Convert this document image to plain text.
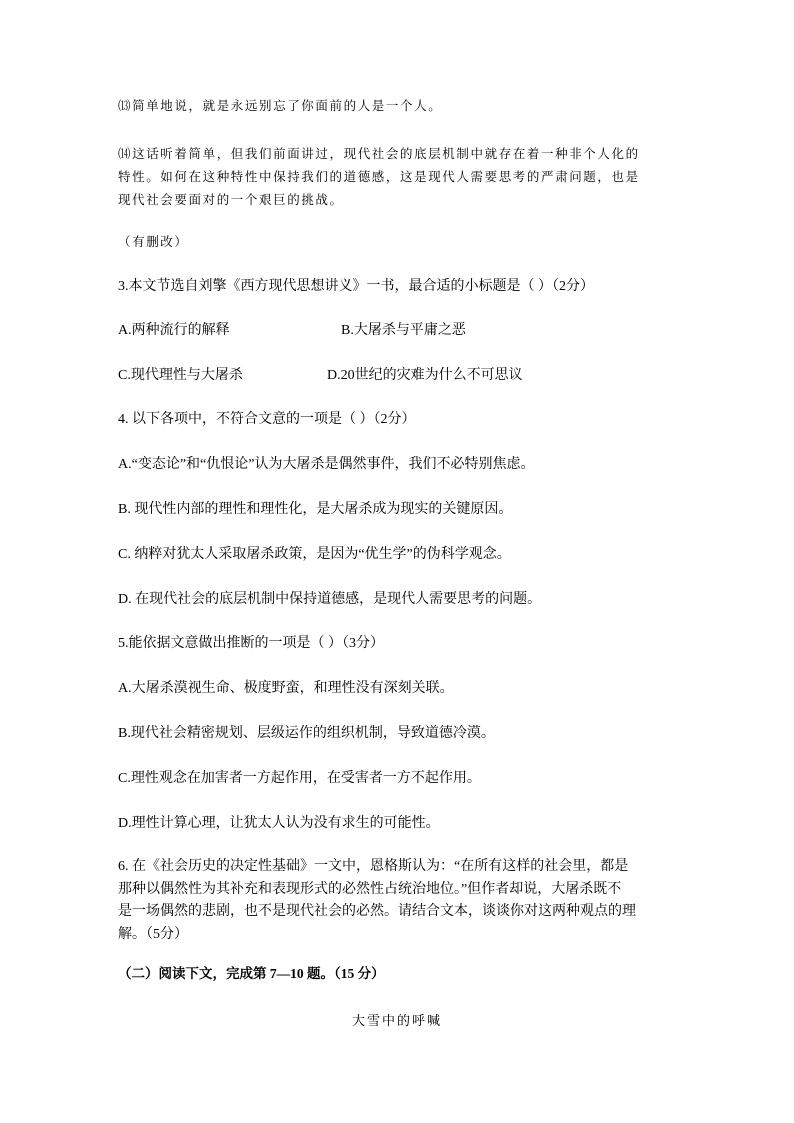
⒀简单地说，就是永远别忘了你面前的人是一个人。
⒁这话听着简单，但我们前面讲过，现代社会的底层机制中就存在着一种非个人化的
特性。如何在这种特性中保持我们的道德感，这是现代人需要思考的严肃问题，也是
现代社会要面对的一个艰巨的挑战。
（有删改）
3.本文节选自刘擎《西方现代思想讲义》一书，最合适的小标题是（ ）（2分）
A.两种流行的解释	B.大屠杀与平庸之恶
C.现代理性与大屠杀	D.20世纪的灾难为什么不可思议
4. 以下各项中，不符合文意的一项是（ ）（2分）
A.“变态论”和“仇恨论”认为大屠杀是偶然事件，我们不必特别焦虑。
B. 现代性内部的理性和理性化，是大屠杀成为现实的关键原因。
C. 纳粹对犹太人采取屠杀政策，是因为“优生学”的伪科学观念。
D. 在现代社会的底层机制中保持道德感，是现代人需要思考的问题。
5.能依据文意做出推断的一项是（ ）（3分）
A.大屠杀漠视生命、极度野蛮，和理性没有深刻关联。
B.现代社会精密规划、层级运作的组织机制，导致道德冷漠。
C.理性观念在加害者一方起作用，在受害者一方不起作用。
D.理性计算心理，让犹太人认为没有求生的可能性。
6. 在《社会历史的决定性基础》一文中，恩格斯认为：“在所有这样的社会里，都是
那种以偶然性为其补充和表现形式的必然性占统治地位。”但作者却说，大屠杀既不
是一场偶然的悲剧，也不是现代社会的必然。请结合文本，谈谈你对这两种观点的理
解。（5分）
（二）阅读下文，完成第 7—10 题。（15 分）
大雪中的呼喊
